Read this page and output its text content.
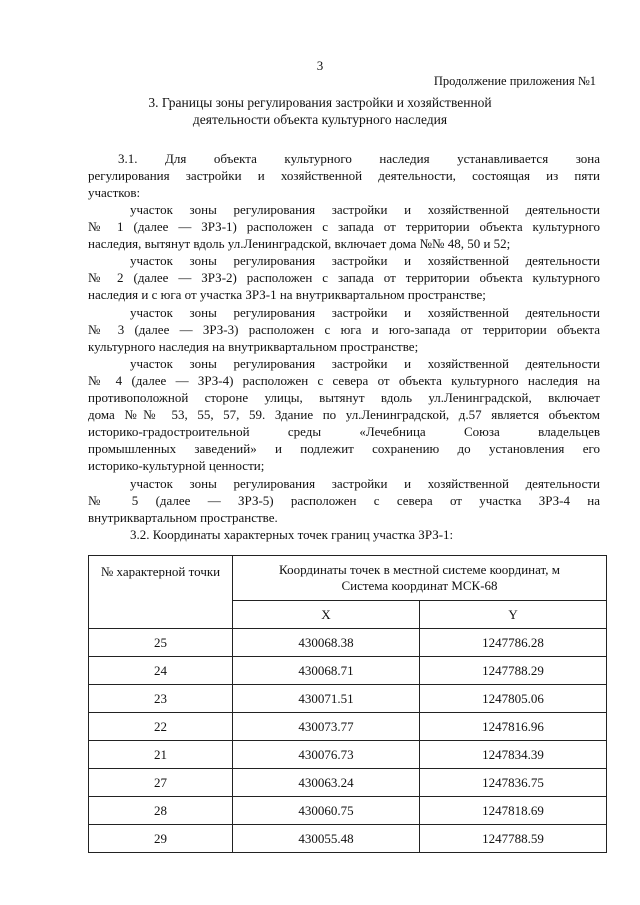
3
Продолжение приложения №1
3. Границы зоны регулирования застройки и хозяйственной
деятельности объекта культурного наследия
3.1. Для объекта культурного наследия устанавливается зона
регулирования застройки и хозяйственной деятельности, состоящая из пяти
участков:
участок зоны регулирования застройки и хозяйственной деятельности
№ 1 (далее — ЗРЗ-1) расположен с запада от территории объекта культурного
наследия, вытянут вдоль ул.Ленинградской, включает дома №№ 48, 50 и 52;
участок зоны регулирования застройки и хозяйственной деятельности
№ 2 (далее — ЗРЗ-2) расположен с запада от территории объекта культурного
наследия и с юга от участка ЗРЗ-1 на внутриквартальном пространстве;
участок зоны регулирования застройки и хозяйственной деятельности
№ 3 (далее — ЗРЗ-3) расположен с юга и юго-запада от территории объекта
культурного наследия на внутриквартальном пространстве;
участок зоны регулирования застройки и хозяйственной деятельности
№ 4 (далее — ЗРЗ-4) расположен с севера от объекта культурного наследия на
противоположной стороне улицы, вытянут вдоль ул.Ленинградской, включает
дома №№ 53, 55, 57, 59. Здание по ул.Ленинградской, д.57 является объектом
историко-градостроительной среды «Лечебница Союза владельцев
промышленных заведений» и подлежит сохранению до установления его
историко-культурной ценности;
участок зоны регулирования застройки и хозяйственной деятельности
№ 5 (далее — ЗРЗ-5) расположен с севера от участка ЗРЗ-4 на
внутриквартальном пространстве.
3.2. Координаты характерных точек границ участка ЗРЗ-1:
№ характерной точки	Координаты точек в местной системе координат, м
Система координат МСК-68	

	X	Y
25	430068.38	1247786.28
24	430068.71	1247788.29
23	430071.51	1247805.06
22	430073.77	1247816.96
21	430076.73	1247834.39
27	430063.24	1247836.75
28	430060.75	1247818.69
29	430055.48	1247788.59
